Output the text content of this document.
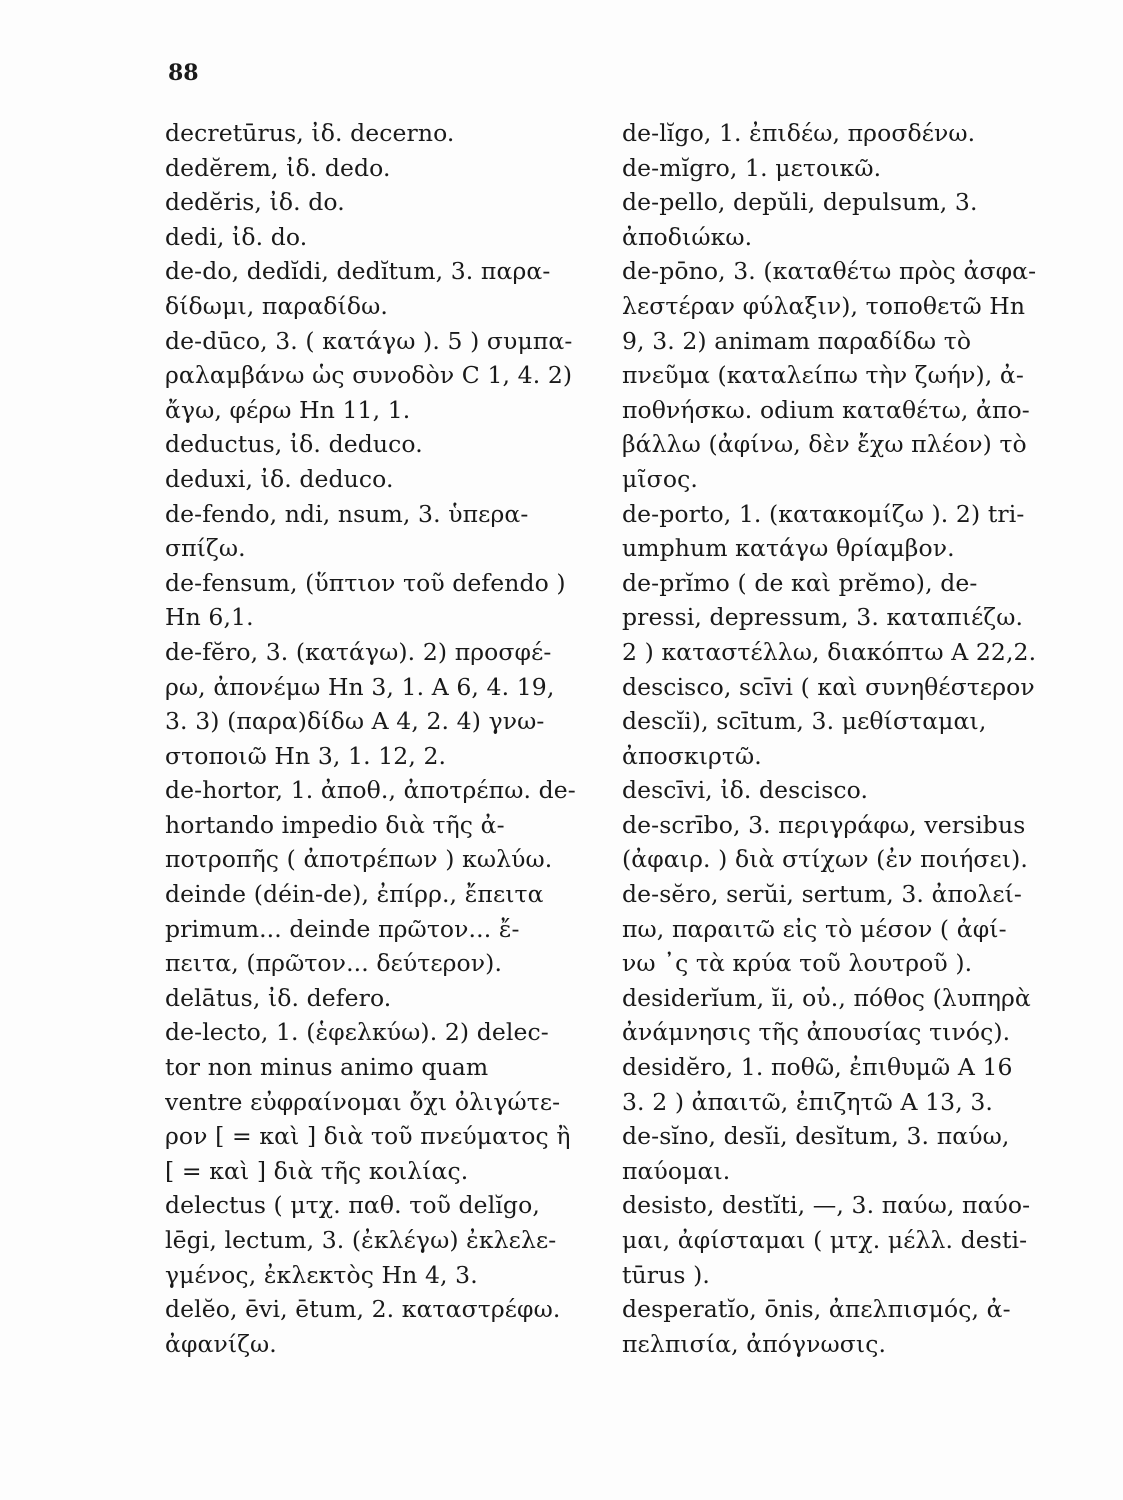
88
decretūrus, ἰδ. decerno.
dedĕrem, ἰδ. dedo.
dedĕris, ἰδ. do.
dedi, ἰδ. do.
de-do, dedĭdi, dedĭtum, 3. παρα-
δίδωμι, παραδίδω.
de-dūco, 3. ( κατάγω ). 5 ) συμπα-
ραλαμβάνω ὡς συνοδὸν C 1, 4. 2)
ἄγω, φέρω Hn 11, 1.
deductus, ἰδ. deduco.
deduxi, ἰδ. deduco.
de-fendo, ndi, nsum, 3. ὑπερα-
σπίζω.
de-fensum, (ὕπτιον τοῦ defendo )
Hn 6,1.
de-fĕro, 3. (κατάγω). 2) προσφέ-
ρω, ἀπονέμω Hn 3, 1. A 6, 4. 19,
3. 3) (παρα)δίδω A 4, 2. 4) γνω-
στοποιῶ Hn 3, 1. 12, 2.
de-hortor, 1. ἀποθ., ἀποτρέπω. de-
hortando impedio διὰ τῆς ἀ-
ποτροπῆς ( ἀποτρέπων ) κωλύω.
deinde (déin-de), ἐπίρρ., ἔπειτα
primum... deinde πρῶτον... ἔ-
πειτα, (πρῶτον... δεύτερον).
delātus, ἰδ. defero.
de-lecto, 1. (ἑφελκύω). 2) delec-
tor non minus animo quam
ventre εὐφραίνομαι ὄχι ὀλιγώτε-
ρον [ = καὶ ] διὰ τοῦ πνεύματος ἢ
[ = καὶ ] διὰ τῆς κοιλίας.
delectus ( μτχ. παθ. τοῦ delĭgo,
lēgi, lectum, 3. (ἐκλέγω) ἐκλελε-
γμένος, ἐκλεκτὸς Hn 4, 3.
delĕo, ēvi, ētum, 2. καταστρέφω.
ἀφανίζω.
de-lĭgo, 1. ἐπιδέω, προσδένω.
de-mĭgro, 1. μετοικῶ.
de-pello, depŭli, depulsum, 3.
ἀποδιώκω.
de-pōno, 3. (καταθέτω πρὸς ἀσφα-
λεστέραν φύλαξιν), τοποθετῶ Hn
9, 3. 2) animam παραδίδω τὸ
πνεῦμα (καταλείπω τὴν ζωήν), ἀ-
ποθνήσκω. odium καταθέτω, ἀπο-
βάλλω (ἀφίνω, δὲν ἔχω πλέον) τὸ
μῖσος.
de-porto, 1. (κατακομίζω ). 2) tri-
umphum κατάγω θρίαμβον.
de-prĭmo ( de καὶ prĕmo), de-
pressi, depressum, 3. καταπιέζω.
2 ) καταστέλλω, διακόπτω A 22,2.
descisco, scīvi ( καὶ συνηθέστερον
descĭi), scītum, 3. μεθίσταμαι,
ἀποσκιρτῶ.
descīvi, ἰδ. descisco.
de-scrībo, 3. περιγράφω, versibus
(ἀφαιρ. ) διὰ στίχων (ἐν ποιήσει).
de-sĕro, serŭi, sertum, 3. ἀπολεί-
πω, παραιτῶ εἰς τὸ μέσον ( ἀφί-
νω ᾽ς τὰ κρύα τοῦ λουτροῦ ).
desiderĭum, ĭi, οὐ., πόθος (λυπηρὰ
ἀνάμνησις τῆς ἀπουσίας τινός).
desidĕro, 1. ποθῶ, ἐπιθυμῶ A 16
3. 2 ) ἀπαιτῶ, ἐπιζητῶ A 13, 3.
de-sĭno, desĭi, desĭtum, 3. παύω,
παύομαι.
desisto, destĭti, —, 3. παύω, παύο-
μαι, ἀφίσταμαι ( μτχ. μέλλ. desti-
tūrus ).
desperatĭo, ōnis, ἀπελπισμός, ἀ-
πελπισία, ἀπόγνωσις.
